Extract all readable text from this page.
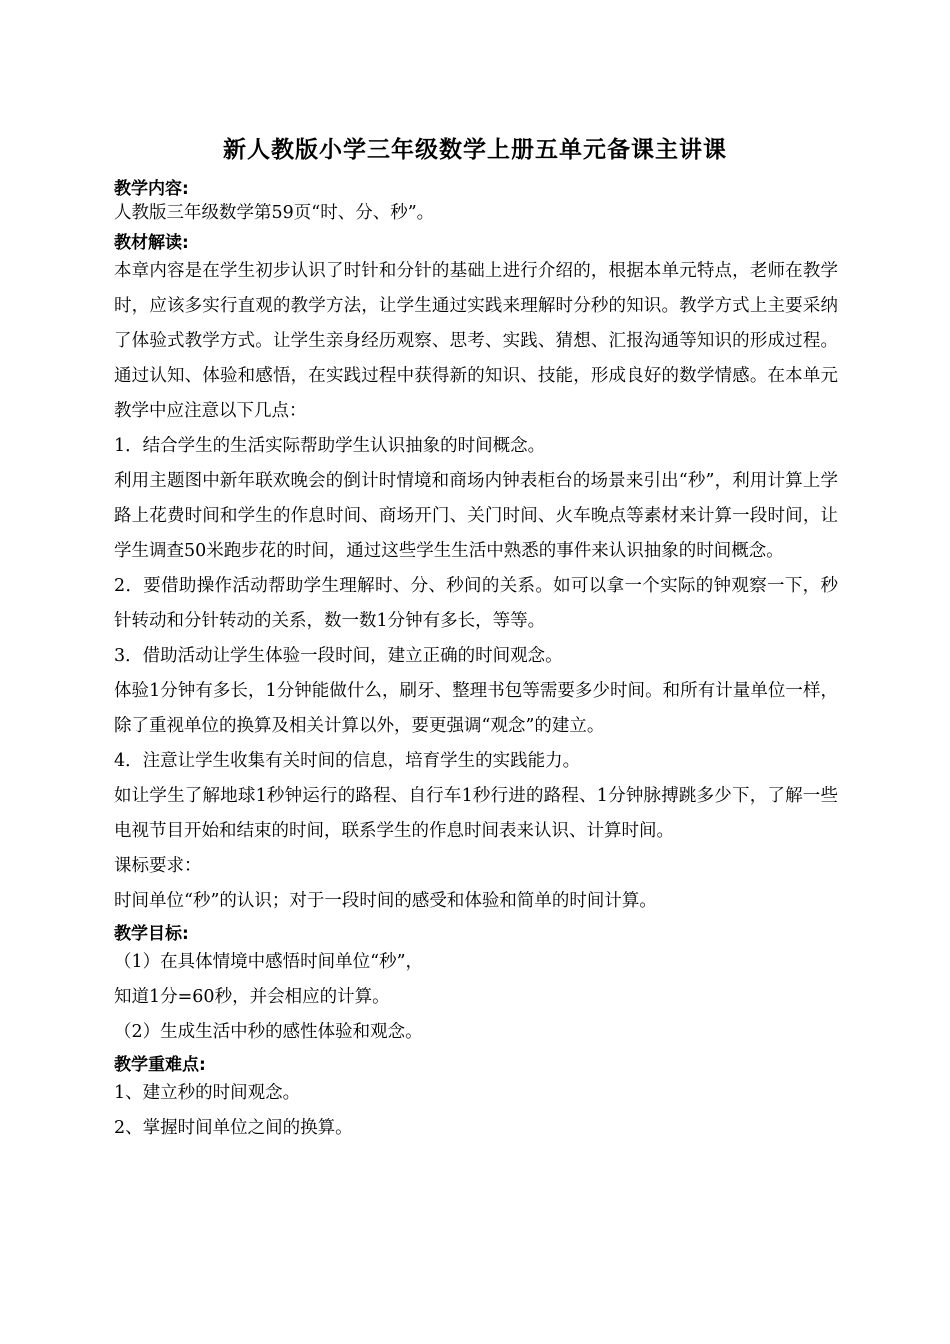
新人教版小学三年级数学上册五单元备课主讲课
教学内容:

人教版三年级数学第59页“时、分、秒”。

教材解读:

本章内容是在学生初步认识了时针和分针的基础上进行介绍的，根据本单元特点，老师在教学时，应该多实行直观的教学方法，让学生通过实践来理解时分秒的知识。教学方式上主要采纳了体验式教学方式。让学生亲身经历观察、思考、实践、猜想、汇报沟通等知识的形成过程。通过认知、体验和感悟，在实践过程中获得新的知识、技能，形成良好的数学情感。在本单元教学中应注意以下几点：

1．结合学生的生活实际帮助学生认识抽象的时间概念。

利用主题图中新年联欢晚会的倒计时情境和商场内钟表柜台的场景来引出“秒”，利用计算上学路上花费时间和学生的作息时间、商场开门、关门时间、火车晚点等素材来计算一段时间，让学生调查50米跑步花的时间，通过这些学生生活中熟悉的事件来认识抽象的时间概念。

2．要借助操作活动帮助学生理解时、分、秒间的关系。如可以拿一个实际的钟观察一下，秒针转动和分针转动的关系，数一数1分钟有多长，等等。

3．借助活动让学生体验一段时间，建立正确的时间观念。

体验1分钟有多长，1分钟能做什么，刷牙、整理书包等需要多少时间。和所有计量单位一样，除了重视单位的换算及相关计算以外，要更强调“观念”的建立。

4．注意让学生收集有关时间的信息，培育学生的实践能力。

如让学生了解地球1秒钟运行的路程、自行车1秒行进的路程、1分钟脉搏跳多少下，了解一些电视节目开始和结束的时间，联系学生的作息时间表来认识、计算时间。

课标要求：

时间单位“秒”的认识；对于一段时间的感受和体验和简单的时间计算。

教学目标:

（1）在具体情境中感悟时间单位“秒”，

知道1分=60秒，并会相应的计算。

（2）生成生活中秒的感性体验和观念。

教学重难点:

1、建立秒的时间观念。

2、掌握时间单位之间的换算。
